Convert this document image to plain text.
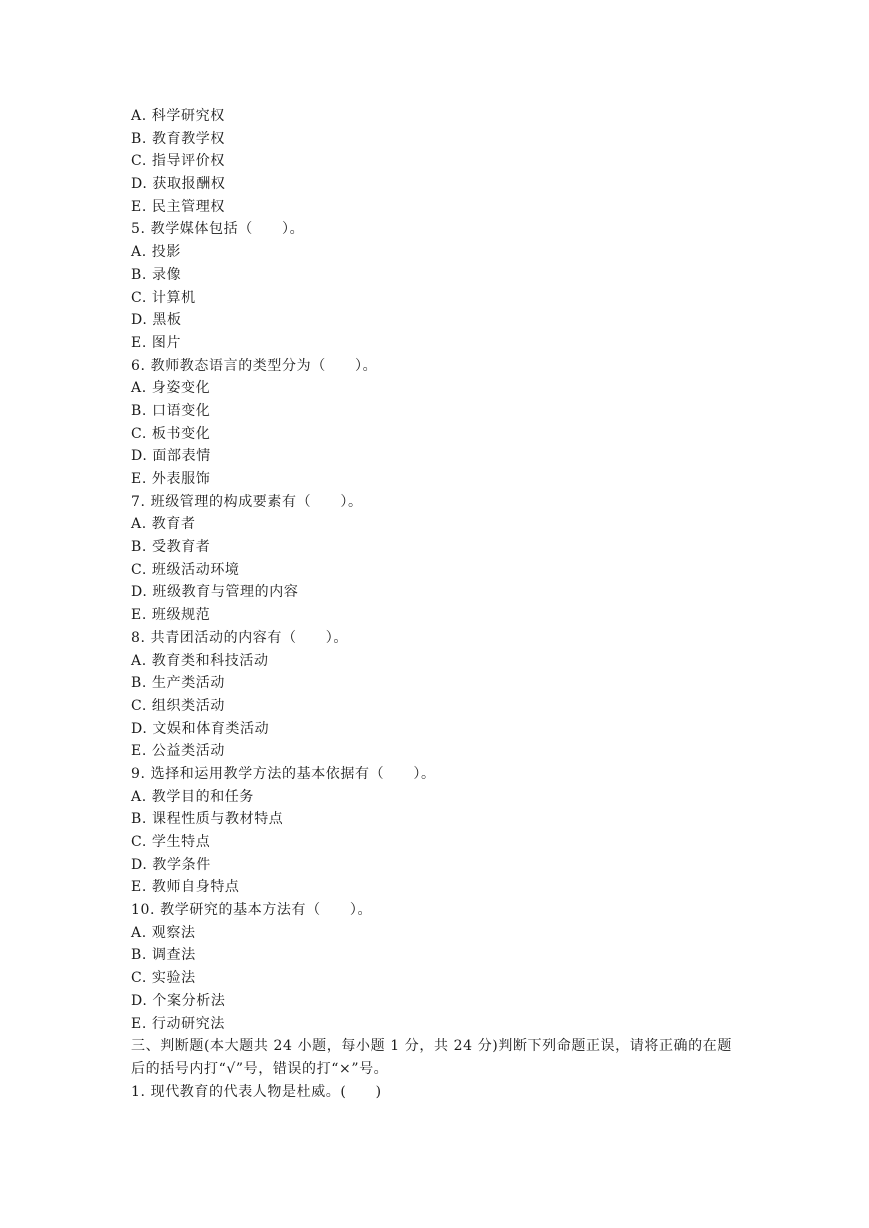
A. 科学研究权
B. 教育教学权
C. 指导评价权
D. 获取报酬权
E. 民主管理权
5. 教学媒体包括（　　）。
A. 投影
B. 录像
C. 计算机
D. 黑板
E. 图片
6. 教师教态语言的类型分为（　　）。
A. 身姿变化
B. 口语变化
C. 板书变化
D. 面部表情
E. 外表服饰
7. 班级管理的构成要素有（　　）。
A. 教育者
B. 受教育者
C. 班级活动环境
D. 班级教育与管理的内容
E. 班级规范
8. 共青团活动的内容有（　　）。
A. 教育类和科技活动
B. 生产类活动
C. 组织类活动
D. 文娱和体育类活动
E. 公益类活动
9. 选择和运用教学方法的基本依据有（　　）。
A. 教学目的和任务
B. 课程性质与教材特点
C. 学生特点
D. 教学条件
E. 教师自身特点
10. 教学研究的基本方法有（　　）。
A. 观察法
B. 调查法
C. 实验法
D. 个案分析法
E. 行动研究法
三、判断题(本大题共 24 小题，每小题 1 分，共 24 分)判断下列命题正误，请将正确的在题
后的括号内打“√”号，错误的打“×”号。
1. 现代教育的代表人物是杜威。(　　)
